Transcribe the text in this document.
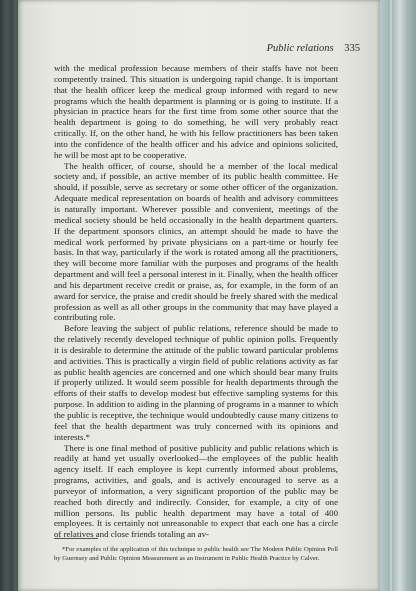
Public relations 335

with the medical profession because members of their staffs have not been competently trained. This situation is undergoing rapid change. It is important that the health officer keep the medical group informed with regard to new programs which the health department is planning or is going to institute. If a physician in practice hears for the first time from some other source that the health department is going to do something, he will very probably react critically. If, on the other hand, he with his fellow practitioners has been taken into the confidence of the health officer and his advice and opinions solicited, he will be most apt to be cooperative.

The health officer, of course, should be a member of the local medical society and, if possible, an active member of its public health committee. He should, if possible, serve as secretary or some other officer of the organization. Adequate medical representation on boards of health and advisory committees is naturally important. Wherever possible and convenient, meetings of the medical society should be held occasionally in the health department quarters. If the department sponsors clinics, an attempt should be made to have the medical work performed by private physicians on a part-time or hourly fee basis. In that way, particularly if the work is rotated among all the practitioners, they will become more familiar with the purposes and programs of the health department and will feel a personal interest in it. Finally, when the health officer and his department receive credit or praise, as, for example, in the form of an award for service, the praise and credit should be freely shared with the medical profession as well as all other groups in the community that may have played a contributing role.

Before leaving the subject of public relations, reference should be made to the relatively recently developed technique of public opinion polls. Frequently it is desirable to determine the attitude of the public toward particular problems and activities. This is practically a virgin field of public relations activity as far as public health agencies are concerned and one which should bear many fruits if properly utilized. It would seem possible for health departments through the efforts of their staffs to develop modest but effective sampling systems for this purpose. In addition to aiding in the planning of programs in a manner to which the public is receptive, the technique would undoubtedly cause many citizens to feel that the health department was truly concerned with its opinions and interests.*

There is one final method of positive publicity and public relations which is readily at hand yet usually overlooked—the employees of the public health agency itself. If each employee is kept currently informed about problems, programs, activities, and goals, and is actively encouraged to serve as a purveyor of information, a very significant proportion of the public may be reached both directly and indirectly. Consider, for example, a city of one million persons. Its public health department may have a total of 400 employees. It is certainly not unreasonable to expect that each one has a circle of relatives and close friends totaling an av-

*For examples of the application of this technique to public health see The Modern Public Opinion Poll by Guernsey and Public Opinion Measurement as an Instrument in Public Health Practice by Calver.
